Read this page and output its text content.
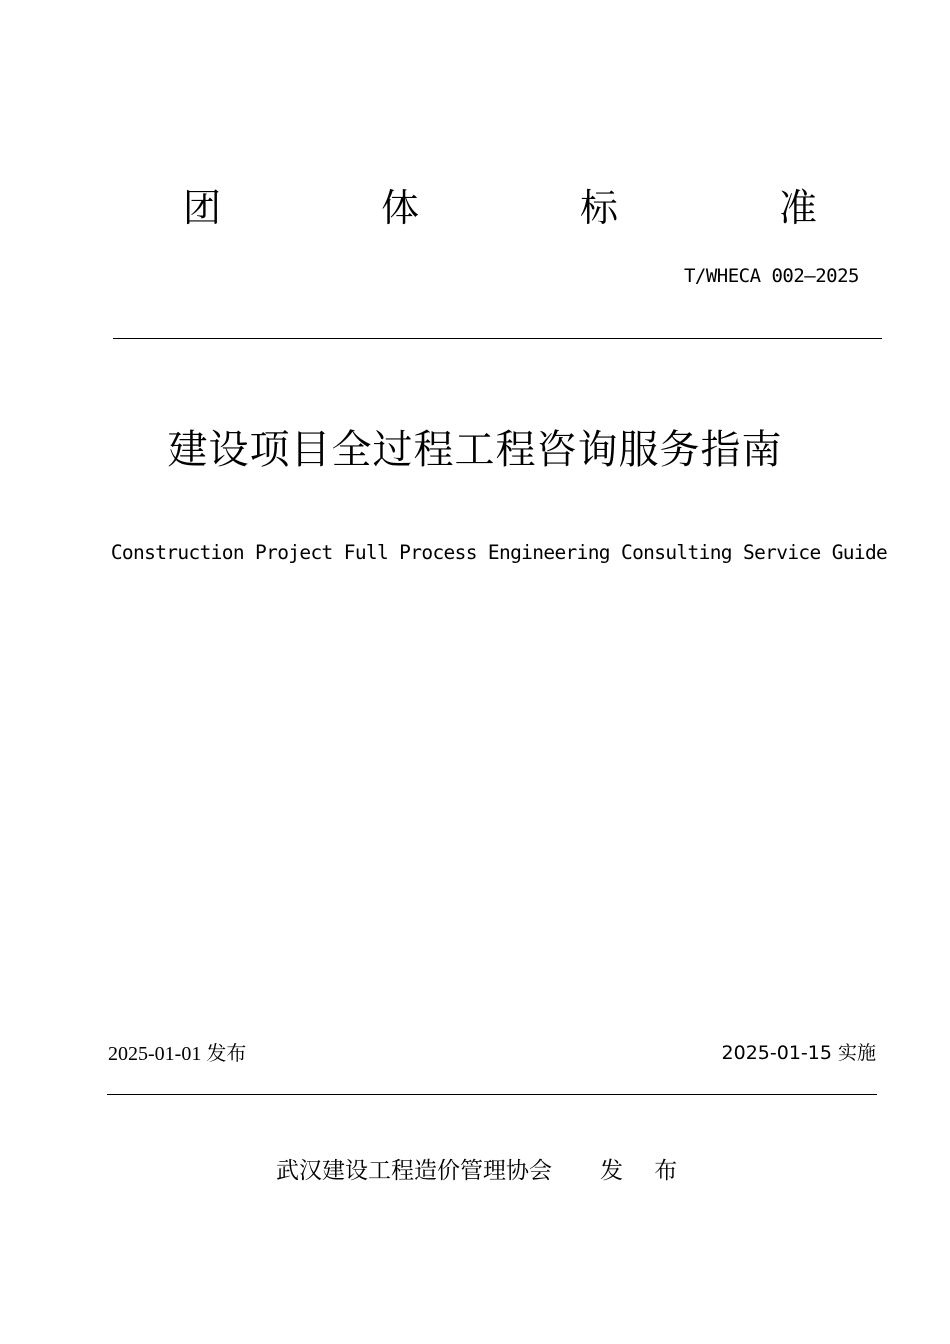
团	体	标	准
T/WHECA 002—2025
建设项目全过程工程咨询服务指南
Construction Project Full Process Engineering Consulting Service Guide
2025-01-01 发布	2025-01-15 实施
武汉建设工程造价管理协会 发 布
